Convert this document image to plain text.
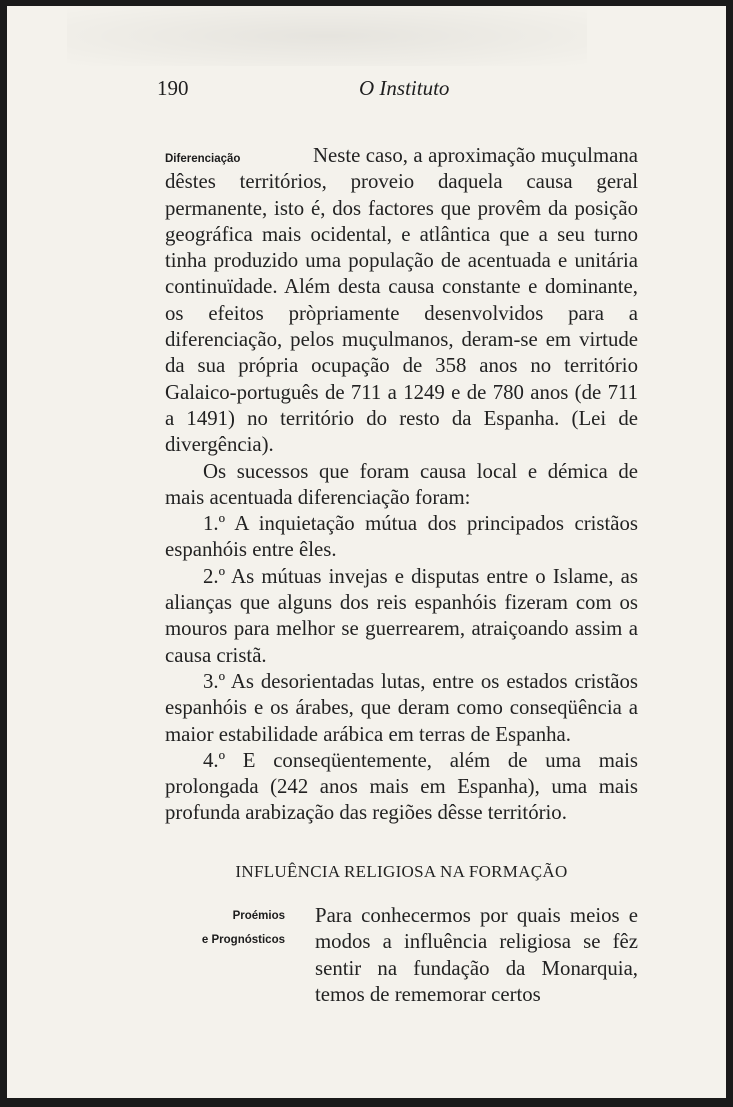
190	O Instituto

Diferenciação	Neste caso, a aproximação muçulmana dêstes territórios, proveio daquela causa geral permanente, isto é, dos factores que provêm da posição geográfica mais ocidental, e atlântica que a seu turno tinha produzido uma população de acentuada e unitária continuïdade. Além desta causa constante e dominante, os efeitos pròpriamente desenvolvidos para a diferenciação, pelos muçulmanos, deram-se em virtude da sua própria ocupação de 358 anos no território Galaico-português de 711 a 1249 e de 780 anos (de 711 a 1491) no território do resto da Espanha. (Lei de divergência).

Os sucessos que foram causa local e démica de mais acentuada diferenciação foram:

1.º A inquietação mútua dos principados cristãos espanhóis entre êles.

2.º As mútuas invejas e disputas entre o Islame, as alianças que alguns dos reis espanhóis fizeram com os mouros para melhor se guerrearem, atraiçoando assim a causa cristã.

3.º As desorientadas lutas, entre os estados cristãos espanhóis e os árabes, que deram como conseqüência a maior estabilidade arábica em terras de Espanha.

4.º E conseqüentemente, além de uma mais prolongada (242 anos mais em Espanha), uma mais profunda arabização das regiões dêsse território.

INFLUÊNCIA RELIGIOSA NA FORMAÇÃO

Proémios
e Prognósticos
Para conhecermos por quais meios e modos a influência religiosa se fêz sentir na fundação da Monarquia, temos de rememorar certos
